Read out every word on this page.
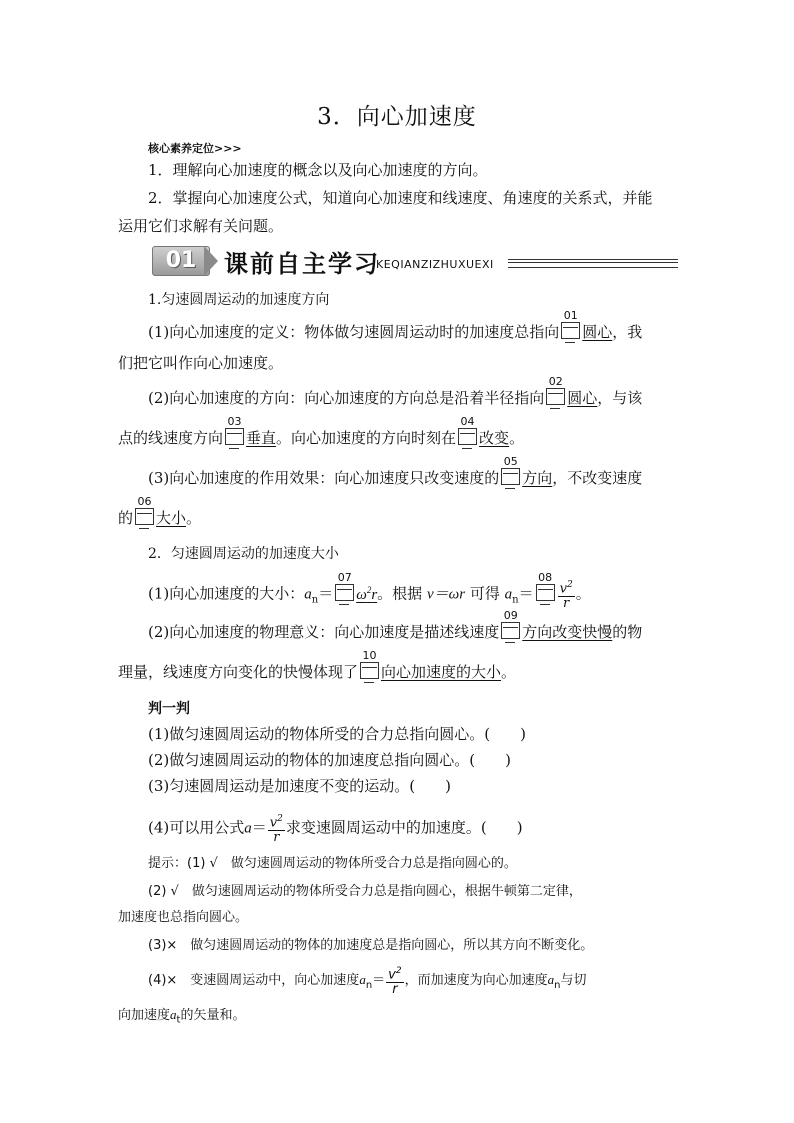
3．向心加速度
核心素养定位>>>
1．理解向心加速度的概念以及向心加速度的方向。
2．掌握向心加速度公式，知道向心加速度和线速度、角速度的关系式，并能
运用它们求解有关问题。
01	课前自主学习
KEQIANZIZHUXUEXI
1.匀速圆周运动的加速度方向
(1)向心加速度的定义：物体做匀速圆周运动时的加速度总指向
01
圆心，我
们把它叫作向心加速度。
(2)向心加速度的方向：向心加速度的方向总是沿着半径指向
02
圆心，与该
点的线速度方向
03
垂直。向心加速度的方向时刻在
04
改变。
(3)向心加速度的作用效果：向心加速度只改变速度的
05
方向，不改变速度
的
06
大小。
2．匀速圆周运动的加速度大小
(1)向心加速度的大小：$a_n=$
07
$\omega^2r$。根据 v＝ωr 可得 $a_n=$
08
$\frac{v^2}{r}$ 。
(2)向心加速度的物理意义：向心加速度是描述线速度
09
方向改变快慢的物
理量，线速度方向变化的快慢体现了
10
向心加速度的大小。
判一判
(1)做匀速圆周运动的物体所受的合力总指向圆心。(　　)
(2)做匀速圆周运动的物体的加速度总指向圆心。(　　)
(3)匀速圆周运动是加速度不变的运动。(　　)
(4)可以用公式$a= \frac{v^2}{r}$ 求变速圆周运动中的加速度。(　　)
提示：(1) √　做匀速圆周运动的物体所受合力总是指向圆心的。
(2) √　做匀速圆周运动的物体所受合力总是指向圆心，根据牛顿第二定律，
加速度也总指向圆心。
(3)×　做匀速圆周运动的物体的加速度总是指向圆心，所以其方向不断变化。
(4)×　变速圆周运动中，向心加速度$a_n= \frac{v^2}{r}$ ，而加速度为向心加速度$a_n$与切
向加速度$a_t$的矢量和。
